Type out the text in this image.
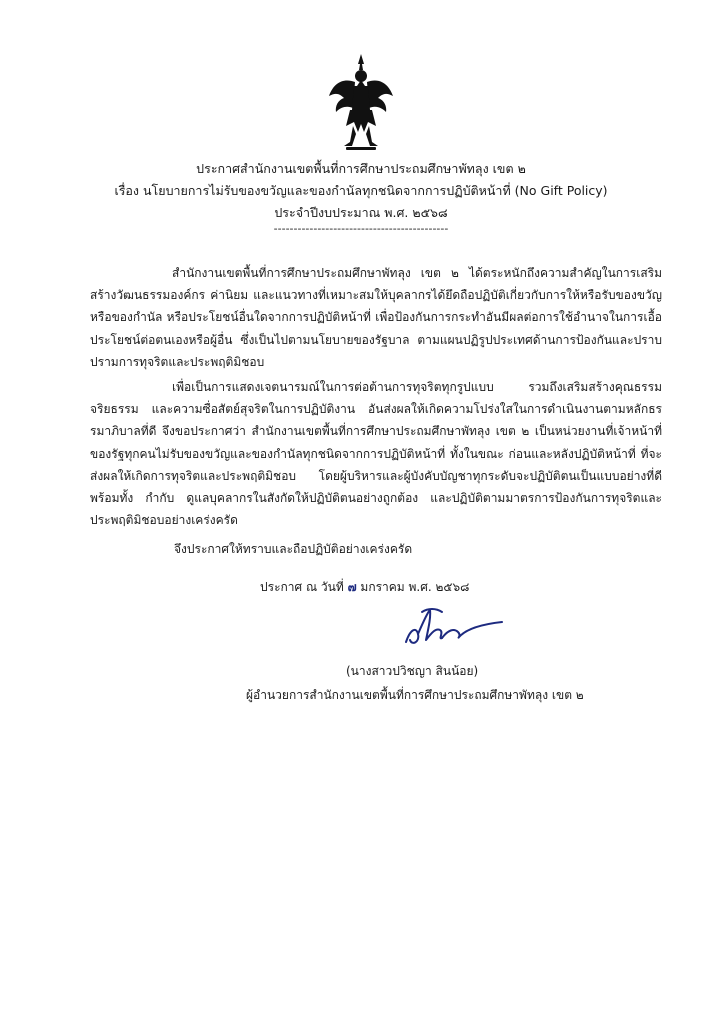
ประกาศสำนักงานเขตพื้นที่การศึกษาประถมศึกษาพัทลุง เขต ๒
เรื่อง นโยบายการไม่รับของขวัญและของกำนัลทุกชนิดจากการปฏิบัติหน้าที่ (No Gift Policy)
ประจำปีงบประมาณ พ.ศ. ๒๕๖๘
--------------------------------------------

สำนักงานเขตพื้นที่การศึกษาประถมศึกษาพัทลุง เขต ๒ ได้ตระหนักถึงความสำคัญในการเสริมสร้างวัฒนธรรมองค์กร ค่านิยม และแนวทางที่เหมาะสมให้บุคลากรได้ยึดถือปฏิบัติเกี่ยวกับการให้หรือรับของขวัญหรือของกำนัล หรือประโยชน์อื่นใดจากการปฏิบัติหน้าที่ เพื่อป้องกันการกระทำอันมีผลต่อการใช้อำนาจในการเอื้อประโยชน์ต่อตนเองหรือผู้อื่น ซึ่งเป็นไปตามนโยบายของรัฐบาล ตามแผนปฏิรูปประเทศด้านการป้องกันและปราบปรามการทุจริตและประพฤติมิชอบ

เพื่อเป็นการแสดงเจตนารมณ์ในการต่อต้านการทุจริตทุกรูปแบบ รวมถึงเสริมสร้างคุณธรรม จริยธรรม และความซื่อสัตย์สุจริตในการปฏิบัติงาน อันส่งผลให้เกิดความโปร่งใสในการดำเนินงานตามหลักธรรมาภิบาลที่ดี จึงขอประกาศว่า สำนักงานเขตพื้นที่การศึกษาประถมศึกษาพัทลุง เขต ๒ เป็นหน่วยงานที่เจ้าหน้าที่ของรัฐทุกคนไม่รับของขวัญและของกำนัลทุกชนิดจากการปฏิบัติหน้าที่ ทั้งในขณะ ก่อนและหลังปฏิบัติหน้าที่ ที่จะส่งผลให้เกิดการทุจริตและประพฤติมิชอบ โดยผู้บริหารและผู้บังคับบัญชาทุกระดับจะปฏิบัติตนเป็นแบบอย่างที่ดี พร้อมทั้ง กำกับ ดูแลบุคลากรในสังกัดให้ปฏิบัติตนอย่างถูกต้อง และปฏิบัติตามมาตรการป้องกันการทุจริตและประพฤติมิชอบอย่างเคร่งครัด

จึงประกาศให้ทราบและถือปฏิบัติอย่างเคร่งครัด
ประกาศ ณ วันที่ ๗ มกราคม พ.ศ. ๒๕๖๘
(นางสาวปวิชญา สินน้อย)
ผู้อำนวยการสำนักงานเขตพื้นที่การศึกษาประถมศึกษาพัทลุง เขต ๒
